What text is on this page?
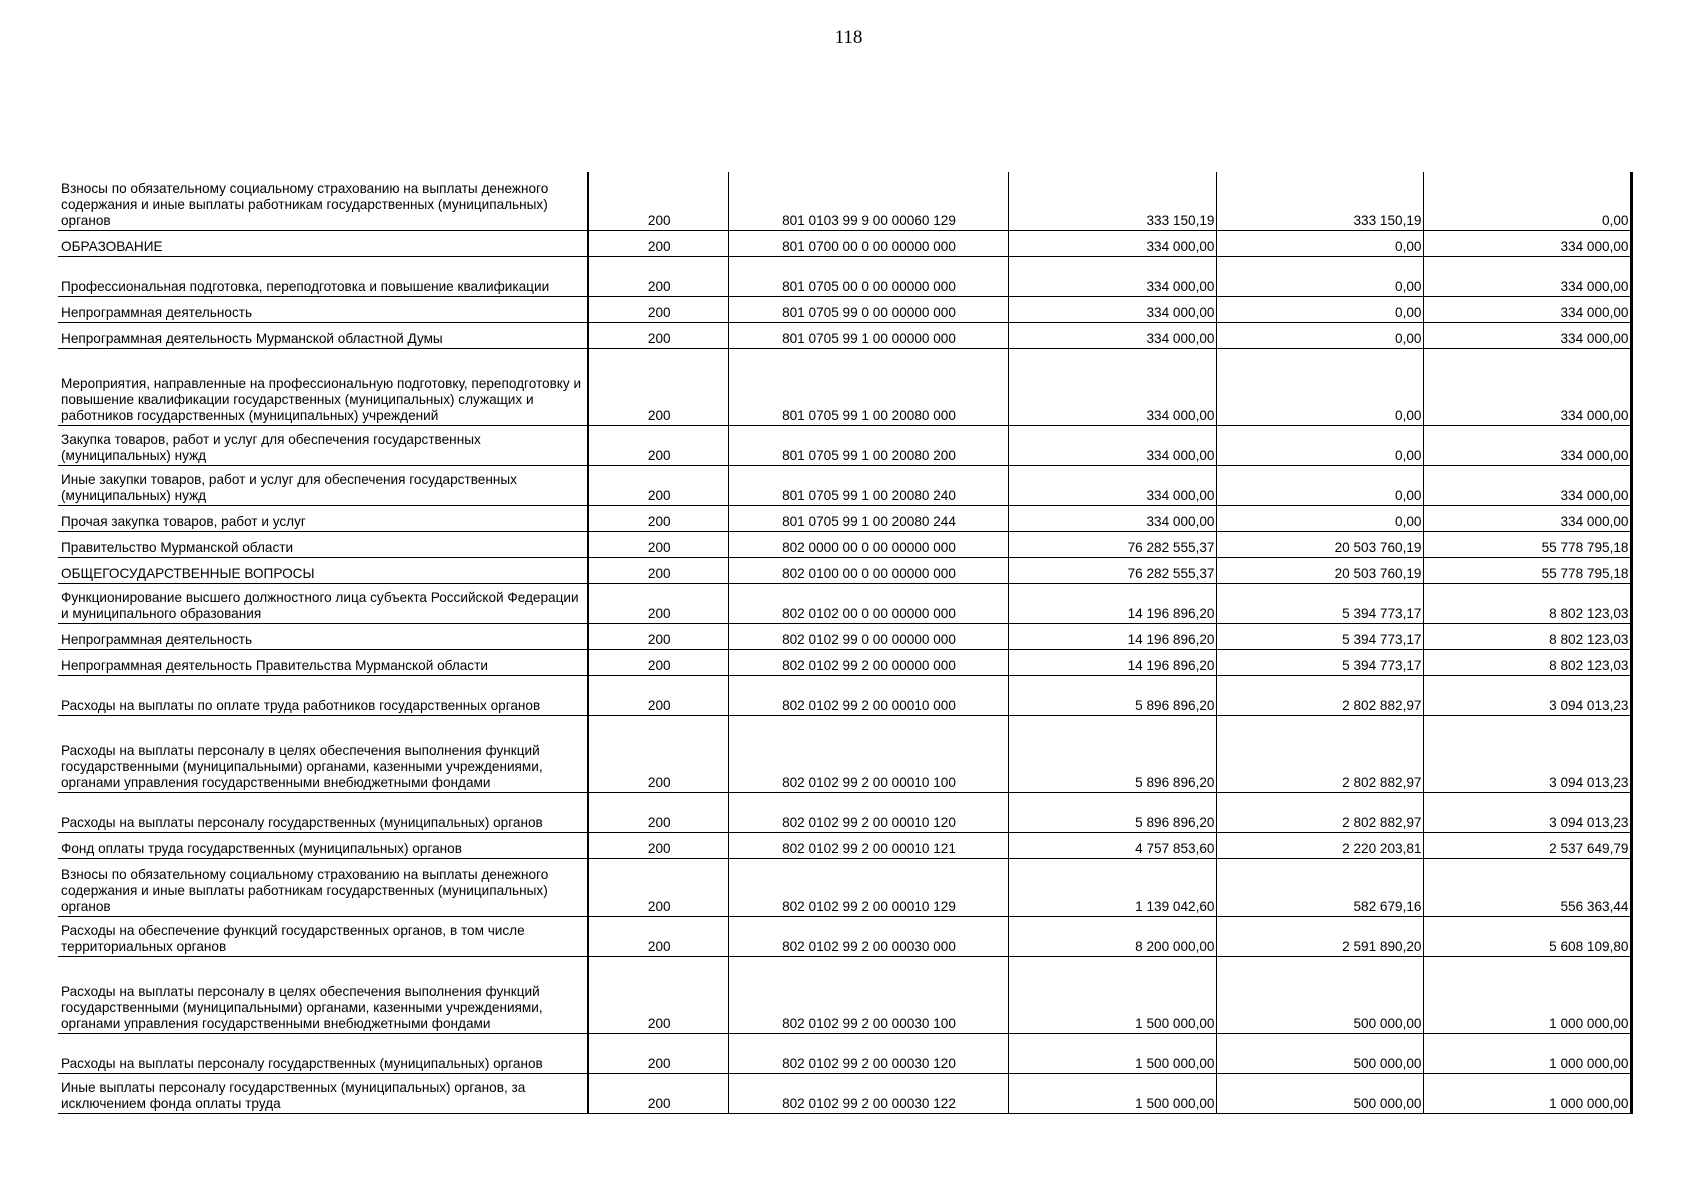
118
Взносы по обязательному социальному страхованию на выплаты денежного содержания и иные выплаты работникам государственных (муниципальных) органов	200	801 0103 99 9 00 00060 129	333 150,19	333 150,19	0,00
ОБРАЗОВАНИЕ	200	801 0700 00 0 00 00000 000	334 000,00	0,00	334 000,00
Профессиональная подготовка, переподготовка и повышение квалификации	200	801 0705 00 0 00 00000 000	334 000,00	0,00	334 000,00
Непрограммная деятельность	200	801 0705 99 0 00 00000 000	334 000,00	0,00	334 000,00
Непрограммная деятельность Мурманской областной Думы	200	801 0705 99 1 00 00000 000	334 000,00	0,00	334 000,00
Мероприятия, направленные на профессиональную подготовку, переподготовку и повышение квалификации государственных (муниципальных) служащих и работников государственных (муниципальных) учреждений	200	801 0705 99 1 00 20080 000	334 000,00	0,00	334 000,00
Закупка товаров, работ и услуг для обеспечения государственных (муниципальных) нужд	200	801 0705 99 1 00 20080 200	334 000,00	0,00	334 000,00
Иные закупки товаров, работ и услуг для обеспечения государственных (муниципальных) нужд	200	801 0705 99 1 00 20080 240	334 000,00	0,00	334 000,00
Прочая закупка товаров, работ и услуг	200	801 0705 99 1 00 20080 244	334 000,00	0,00	334 000,00
Правительство Мурманской области	200	802 0000 00 0 00 00000 000	76 282 555,37	20 503 760,19	55 778 795,18
ОБЩЕГОСУДАРСТВЕННЫЕ ВОПРОСЫ	200	802 0100 00 0 00 00000 000	76 282 555,37	20 503 760,19	55 778 795,18
Функционирование высшего должностного лица субъекта Российской Федерации и муниципального образования	200	802 0102 00 0 00 00000 000	14 196 896,20	5 394 773,17	8 802 123,03
Непрограммная деятельность	200	802 0102 99 0 00 00000 000	14 196 896,20	5 394 773,17	8 802 123,03
Непрограммная деятельность Правительства Мурманской области	200	802 0102 99 2 00 00000 000	14 196 896,20	5 394 773,17	8 802 123,03
Расходы на выплаты по оплате труда работников государственных органов	200	802 0102 99 2 00 00010 000	5 896 896,20	2 802 882,97	3 094 013,23
Расходы на выплаты персоналу в целях обеспечения выполнения функций государственными (муниципальными) органами, казенными учреждениями, органами управления государственными внебюджетными фондами	200	802 0102 99 2 00 00010 100	5 896 896,20	2 802 882,97	3 094 013,23
Расходы на выплаты персоналу государственных (муниципальных) органов	200	802 0102 99 2 00 00010 120	5 896 896,20	2 802 882,97	3 094 013,23
Фонд оплаты труда государственных (муниципальных) органов	200	802 0102 99 2 00 00010 121	4 757 853,60	2 220 203,81	2 537 649,79
Взносы по обязательному социальному страхованию на выплаты денежного содержания и иные выплаты работникам государственных (муниципальных) органов	200	802 0102 99 2 00 00010 129	1 139 042,60	582 679,16	556 363,44
Расходы на обеспечение функций государственных органов, в том числе территориальных органов	200	802 0102 99 2 00 00030 000	8 200 000,00	2 591 890,20	5 608 109,80
Расходы на выплаты персоналу в целях обеспечения выполнения функций государственными (муниципальными) органами, казенными учреждениями, органами управления государственными внебюджетными фондами	200	802 0102 99 2 00 00030 100	1 500 000,00	500 000,00	1 000 000,00
Расходы на выплаты персоналу государственных (муниципальных) органов	200	802 0102 99 2 00 00030 120	1 500 000,00	500 000,00	1 000 000,00
Иные выплаты персоналу государственных (муниципальных) органов, за исключением фонда оплаты труда	200	802 0102 99 2 00 00030 122	1 500 000,00	500 000,00	1 000 000,00
